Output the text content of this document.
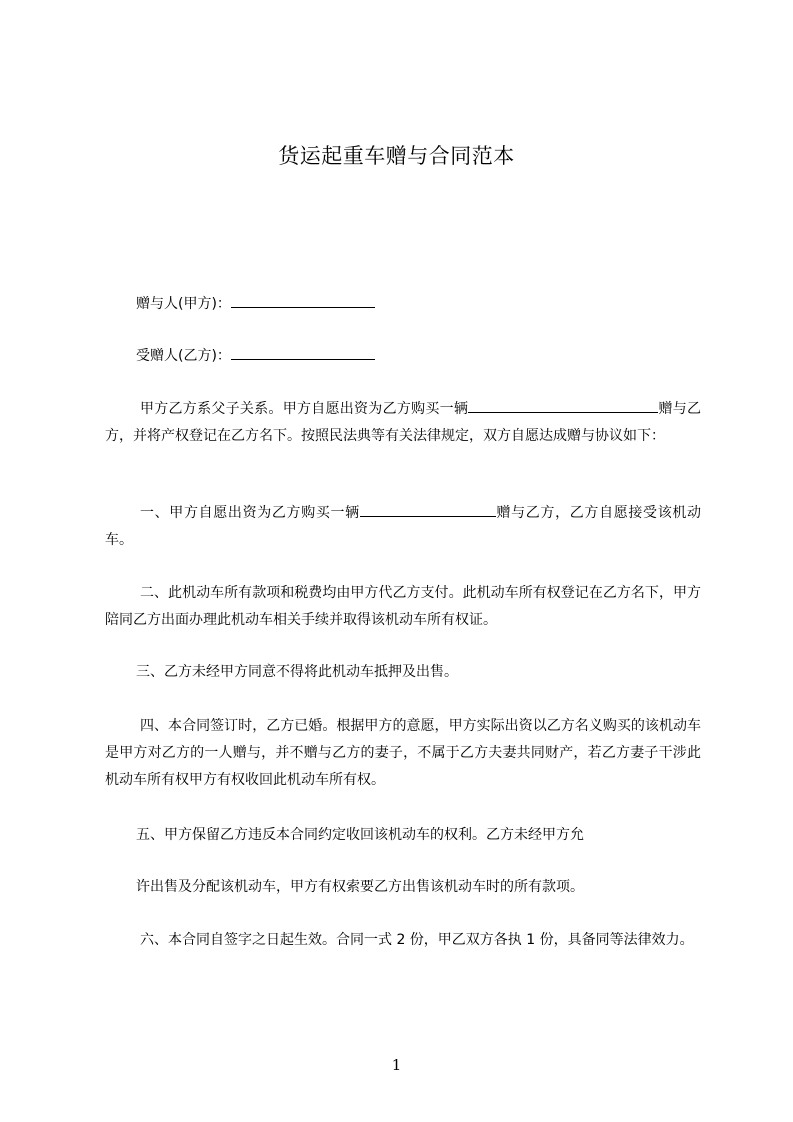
货运起重车赠与合同范本
赠与人(甲方)：
受赠人(乙方)：
甲方乙方系父子关系。甲方自愿出资为乙方购买一辆	赠与乙方，并将产权登记在乙方名下。按照民法典等有关法律规定，双方自愿达成赠与协议如下：
一、甲方自愿出资为乙方购买一辆	赠与乙方，乙方自愿接受该机动车。
二、此机动车所有款项和税费均由甲方代乙方支付。此机动车所有权登记在乙方名下，甲方陪同乙方出面办理此机动车相关手续并取得该机动车所有权证。
三、乙方未经甲方同意不得将此机动车抵押及出售。
四、本合同签订时，乙方已婚。根据甲方的意愿，甲方实际出资以乙方名义购买的该机动车是甲方对乙方的一人赠与，并不赠与乙方的妻子，不属于乙方夫妻共同财产，若乙方妻子干涉此机动车所有权甲方有权收回此机动车所有权。
五、甲方保留乙方违反本合同约定收回该机动车的权利。乙方未经甲方允
许出售及分配该机动车，甲方有权索要乙方出售该机动车时的所有款项。
六、本合同自签字之日起生效。合同一式 2 份，甲乙双方各执 1 份，具备同等法律效力。
1
